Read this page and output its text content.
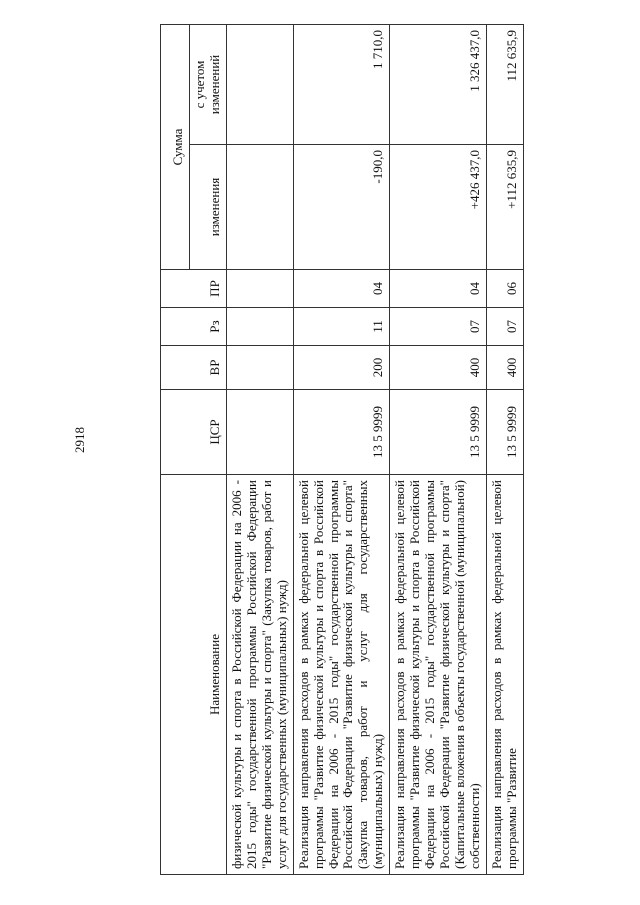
2918
Наименование	ЦСР	ВР	Рз	ПР	Сумма	
					изменения	с учетом изменений
физической культуры и спорта в Российской Федерации на 2006 - 2015 годы" государственной программы Российской Федерации "Развитие физической культуры и спорта" (Закупка товаров, работ и услуг для государственных (муниципальных) нужд)						
Реализация направления расходов в рамках федеральной целевой программы "Развитие физической культуры и спорта в Российской Федерации на 2006 - 2015 годы" государственной программы Российской Федерации "Развитие физической культуры и спорта" (Закупка товаров, работ и услуг для государственных (муниципальных) нужд)	13 5 9999	200	11	04	-190,0	1 710,0
Реализация направления расходов в рамках федеральной целевой программы "Развитие физической культуры и спорта в Российской Федерации на 2006 - 2015 годы" государственной программы Российской Федерации "Развитие физической культуры и спорта" (Капитальные вложения в объекты государственной (муниципальной) собственности)	13 5 9999	400	07	04	+426 437,0	1 326 437,0
Реализация направления расходов в рамках федеральной целевой программы "Развитие	13 5 9999	400	07	06	+112 635,9	112 635,9
